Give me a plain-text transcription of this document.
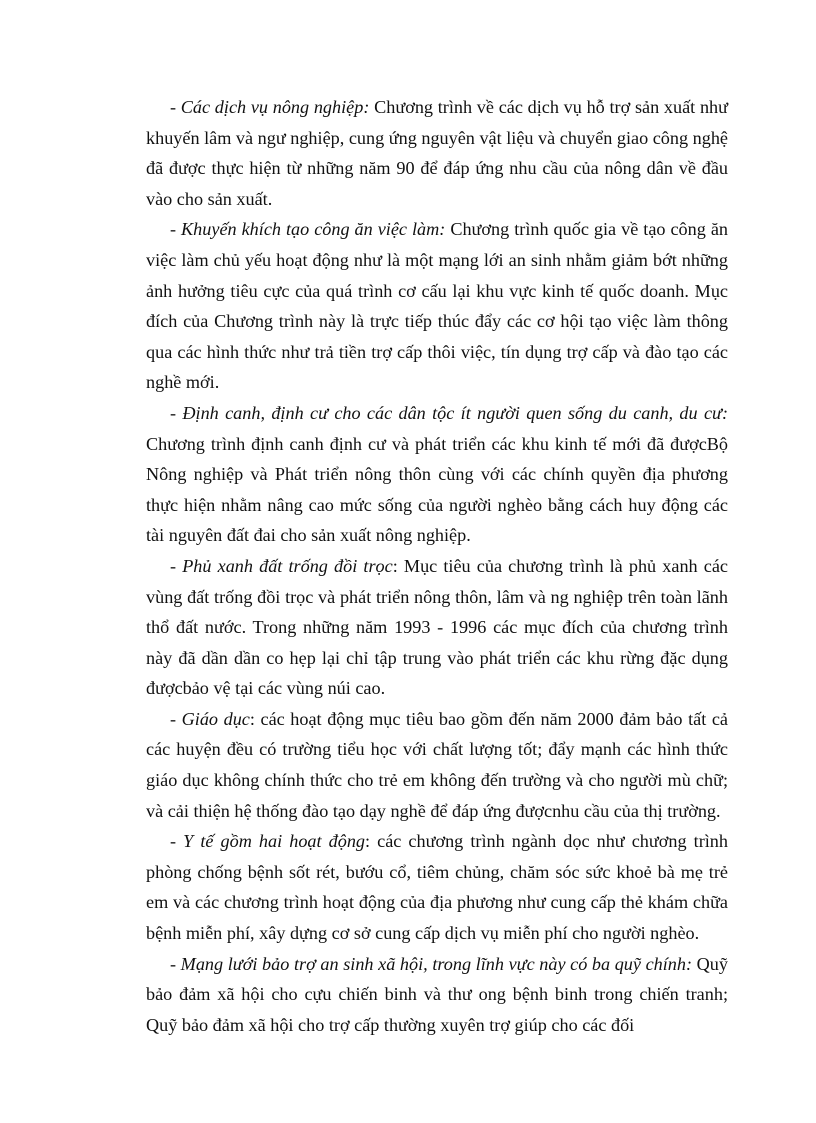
- Các dịch vụ nông nghiệp: Chương trình về các dịch vụ hỗ trợ sản xuất như khuyến lâm và ngư nghiệp, cung ứng nguyên vật liệu và chuyển giao công nghệ đã được thực hiện từ những năm 90 để đáp ứng nhu cầu của nông dân về đầu vào cho sản xuất.

- Khuyến khích tạo công ăn việc làm: Chương trình quốc gia về tạo công ăn việc làm chủ yếu hoạt động như là một mạng lới an sinh nhằm giảm bớt những ảnh hưởng tiêu cực của quá trình cơ cấu lại khu vực kinh tế quốc doanh. Mục đích của Chương trình này là trực tiếp thúc đẩy các cơ hội tạo việc làm thông qua các hình thức như trả tiền trợ cấp thôi việc, tín dụng trợ cấp và đào tạo các nghề mới.

- Định canh, định cư cho các dân tộc ít người quen sống du canh, du cư: Chương trình định canh định cư và phát triển các khu kinh tế mới đã đượcBộ Nông nghiệp và Phát triển nông thôn cùng với các chính quyền địa phương thực hiện nhằm nâng cao mức sống của người nghèo bằng cách huy động các tài nguyên đất đai cho sản xuất nông nghiệp.

- Phủ xanh đất trống đồi trọc: Mục tiêu của chương trình là phủ xanh các vùng đất trống đồi trọc và phát triển nông thôn, lâm và ng nghiệp trên toàn lãnh thổ đất nước. Trong những năm 1993 - 1996 các mục đích của chương trình này đã dần dần co hẹp lại chỉ tập trung vào phát triển các khu rừng đặc dụng đượcbảo vệ tại các vùng núi cao.

- Giáo dục: các hoạt động mục tiêu bao gồm đến năm 2000 đảm bảo tất cả các huyện đều có trường tiểu học với chất lượng tốt; đẩy mạnh các hình thức giáo dục không chính thức cho trẻ em không đến trường và cho người mù chữ; và cải thiện hệ thống đào tạo dạy nghề để đáp ứng đượcnhu cầu của thị trường.

- Y tế gồm hai hoạt động: các chương trình ngành dọc như chương trình phòng chống bệnh sốt rét, bướu cổ, tiêm chủng, chăm sóc sức khoẻ bà mẹ trẻ em và các chương trình hoạt động của địa phương như cung cấp thẻ khám chữa bệnh miễn phí, xây dựng cơ sở cung cấp dịch vụ miễn phí cho người nghèo.

- Mạng lưới bảo trợ an sinh xã hội, trong lĩnh vực này có ba quỹ chính: Quỹ bảo đảm xã hội cho cựu chiến binh và thư ong bệnh binh trong chiến tranh; Quỹ bảo đảm xã hội cho trợ cấp thường xuyên trợ giúp cho các đối
